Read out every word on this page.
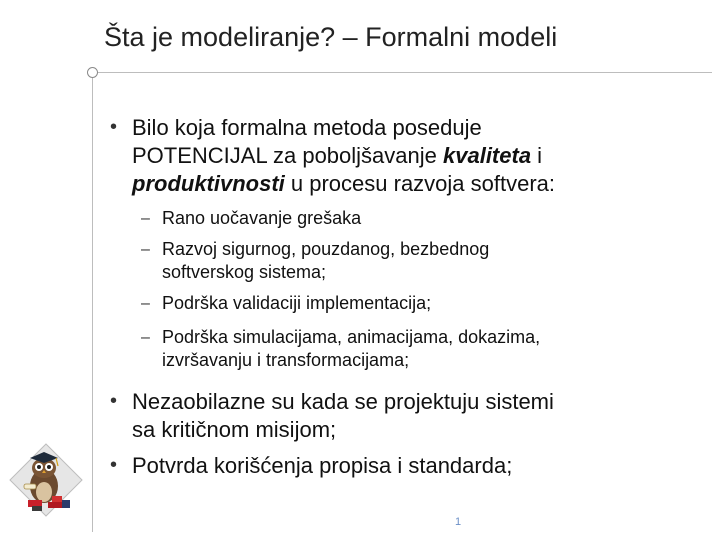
Šta je modeliranje? – Formalni modeli
• Bilo koja formalna metoda poseduje
POTENCIJAL za poboljšavanje kvaliteta i
produktivnosti u procesu razvoja softvera:
– Rano uočavanje grešaka
– Razvoj sigurnog, pouzdanog, bezbednog
softverskog sistema;
– Podrška validaciji implementacija;
– Podrška simulacijama, animacijama, dokazima,
izvršavanju i transformacijama;
• Nezaobilazne su kada se projektuju sistemi
sa kritičnom misijom;
• Potvrda korišćenja propisa i standarda;
1
